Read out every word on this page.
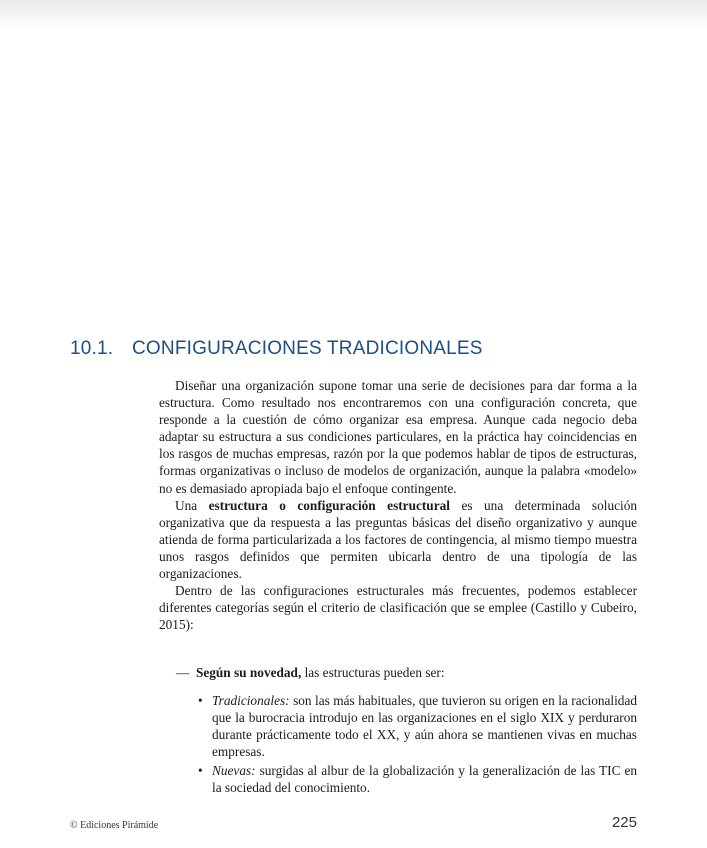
10.1. CONFIGURACIONES TRADICIONALES

Diseñar una organización supone tomar una serie de decisiones para dar forma a la estructura. Como resultado nos encontraremos con una configuración concreta, que responde a la cuestión de cómo organizar esa empresa. Aunque cada negocio deba adaptar su estructura a sus condiciones particulares, en la práctica hay coincidencias en los rasgos de muchas empresas, razón por la que podemos hablar de tipos de estructuras, formas organizativas o incluso de modelos de organización, aunque la palabra «modelo» no es demasiado apropiada bajo el enfoque contingente.

Una estructura o configuración estructural es una determinada solución organizativa que da respuesta a las preguntas básicas del diseño organizativo y aunque atienda de forma particularizada a los factores de contingencia, al mismo tiempo muestra unos rasgos definidos que permiten ubicarla dentro de una tipología de las organizaciones.

Dentro de las configuraciones estructurales más frecuentes, podemos establecer diferentes categorías según el criterio de clasificación que se emplee (Castillo y Cubeiro, 2015):

— Según su novedad, las estructuras pueden ser:
• Tradicionales: son las más habituales, que tuvieron su origen en la racionalidad que la burocracia introdujo en las organizaciones en el siglo XIX y perduraron durante prácticamente todo el XX, y aún ahora se mantienen vivas en muchas empresas.
• Nuevas: surgidas al albur de la globalización y la generalización de las TIC en la sociedad del conocimiento.
© Ediciones Pirámide	225
